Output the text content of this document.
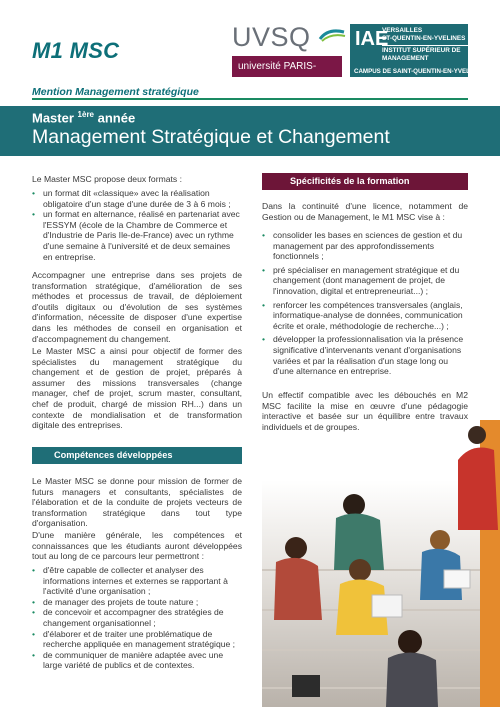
M1 MSC
Mention Management stratégique
UVSQ
université PARIS-SACLAY
IAE
VERSAILLES
ST-QUENTIN-EN-YVELINES
INSTITUT SUPÉRIEUR DE MANAGEMENT
CAMPUS DE SAINT-QUENTIN-EN-YVELINES
Master $^{1ère}$ année
Management Stratégique et Changement
Le Master MSC propose deux formats :
• un format dit «classique» avec la réalisation obligatoire d'un stage d'une durée de 3 à 6 mois ;
• un format en alternance, réalisé en partenariat avec l'ESSYM (école de la Chambre de Commerce et d'Industrie de Paris Ile-de-France) avec un rythme d'une semaine à l'université et de deux semaines en entreprise.
Accompagner une entreprise dans ses projets de transformation stratégique, d'amélioration de ses méthodes et processus de travail, de déploiement d'outils digitaux ou d'évolution de ses systèmes d'information, nécessite de disposer d'une expertise dans les méthodes de conseil en organisation et d'accompagnement du changement.
Le Master MSC a ainsi pour objectif de former des spécialistes du management stratégique du changement et de gestion de projet, préparés à assumer des missions transversales (change manager, chef de projet, scrum master, consultant, chef de produit, chargé de mission RH...) dans un contexte de mondialisation et de transformation digitale des entreprises.
Compétences développées
Le Master MSC se donne pour mission de former de futurs managers et consultants, spécialistes de l'élaboration et de la conduite de projets vecteurs de transformation stratégique dans tout type d'organisation.
D'une manière générale, les compétences et connaissances que les étudiants auront développées tout au long de ce parcours leur permettront :
• d'être capable de collecter et analyser des informations internes et externes se rapportant à l'activité d'une organisation ;
• de manager des projets de toute nature ;
• de concevoir et accompagner des stratégies de changement organisationnel ;
• d'élaborer et de traiter une problématique de recherche appliquée en management stratégique ;
• de communiquer de manière adaptée avec une large variété de publics et de contextes.
Spécificités de la formation
Dans la continuité d'une licence, notamment de Gestion ou de Management, le M1 MSC vise à :
• consolider les bases en sciences de gestion et du management par des approfondissements fonctionnels ;
• pré spécialiser en management stratégique et du changement (dont management de projet, de l'innovation, digital et entrepreneuriat...) ;
• renforcer les compétences transversales (anglais, informatique-analyse de données, communication écrite et orale, méthodologie de recherche...) ;
• développer la professionnalisation via la présence significative d'intervenants venant d'organisations variées et par la réalisation d'un stage long ou d'une alternance en entreprise.
Un effectif compatible avec les débouchés en M2 MSC facilite la mise en œuvre d'une pédagogie interactive et basée sur un équilibre entre travaux individuels et de groupes.
